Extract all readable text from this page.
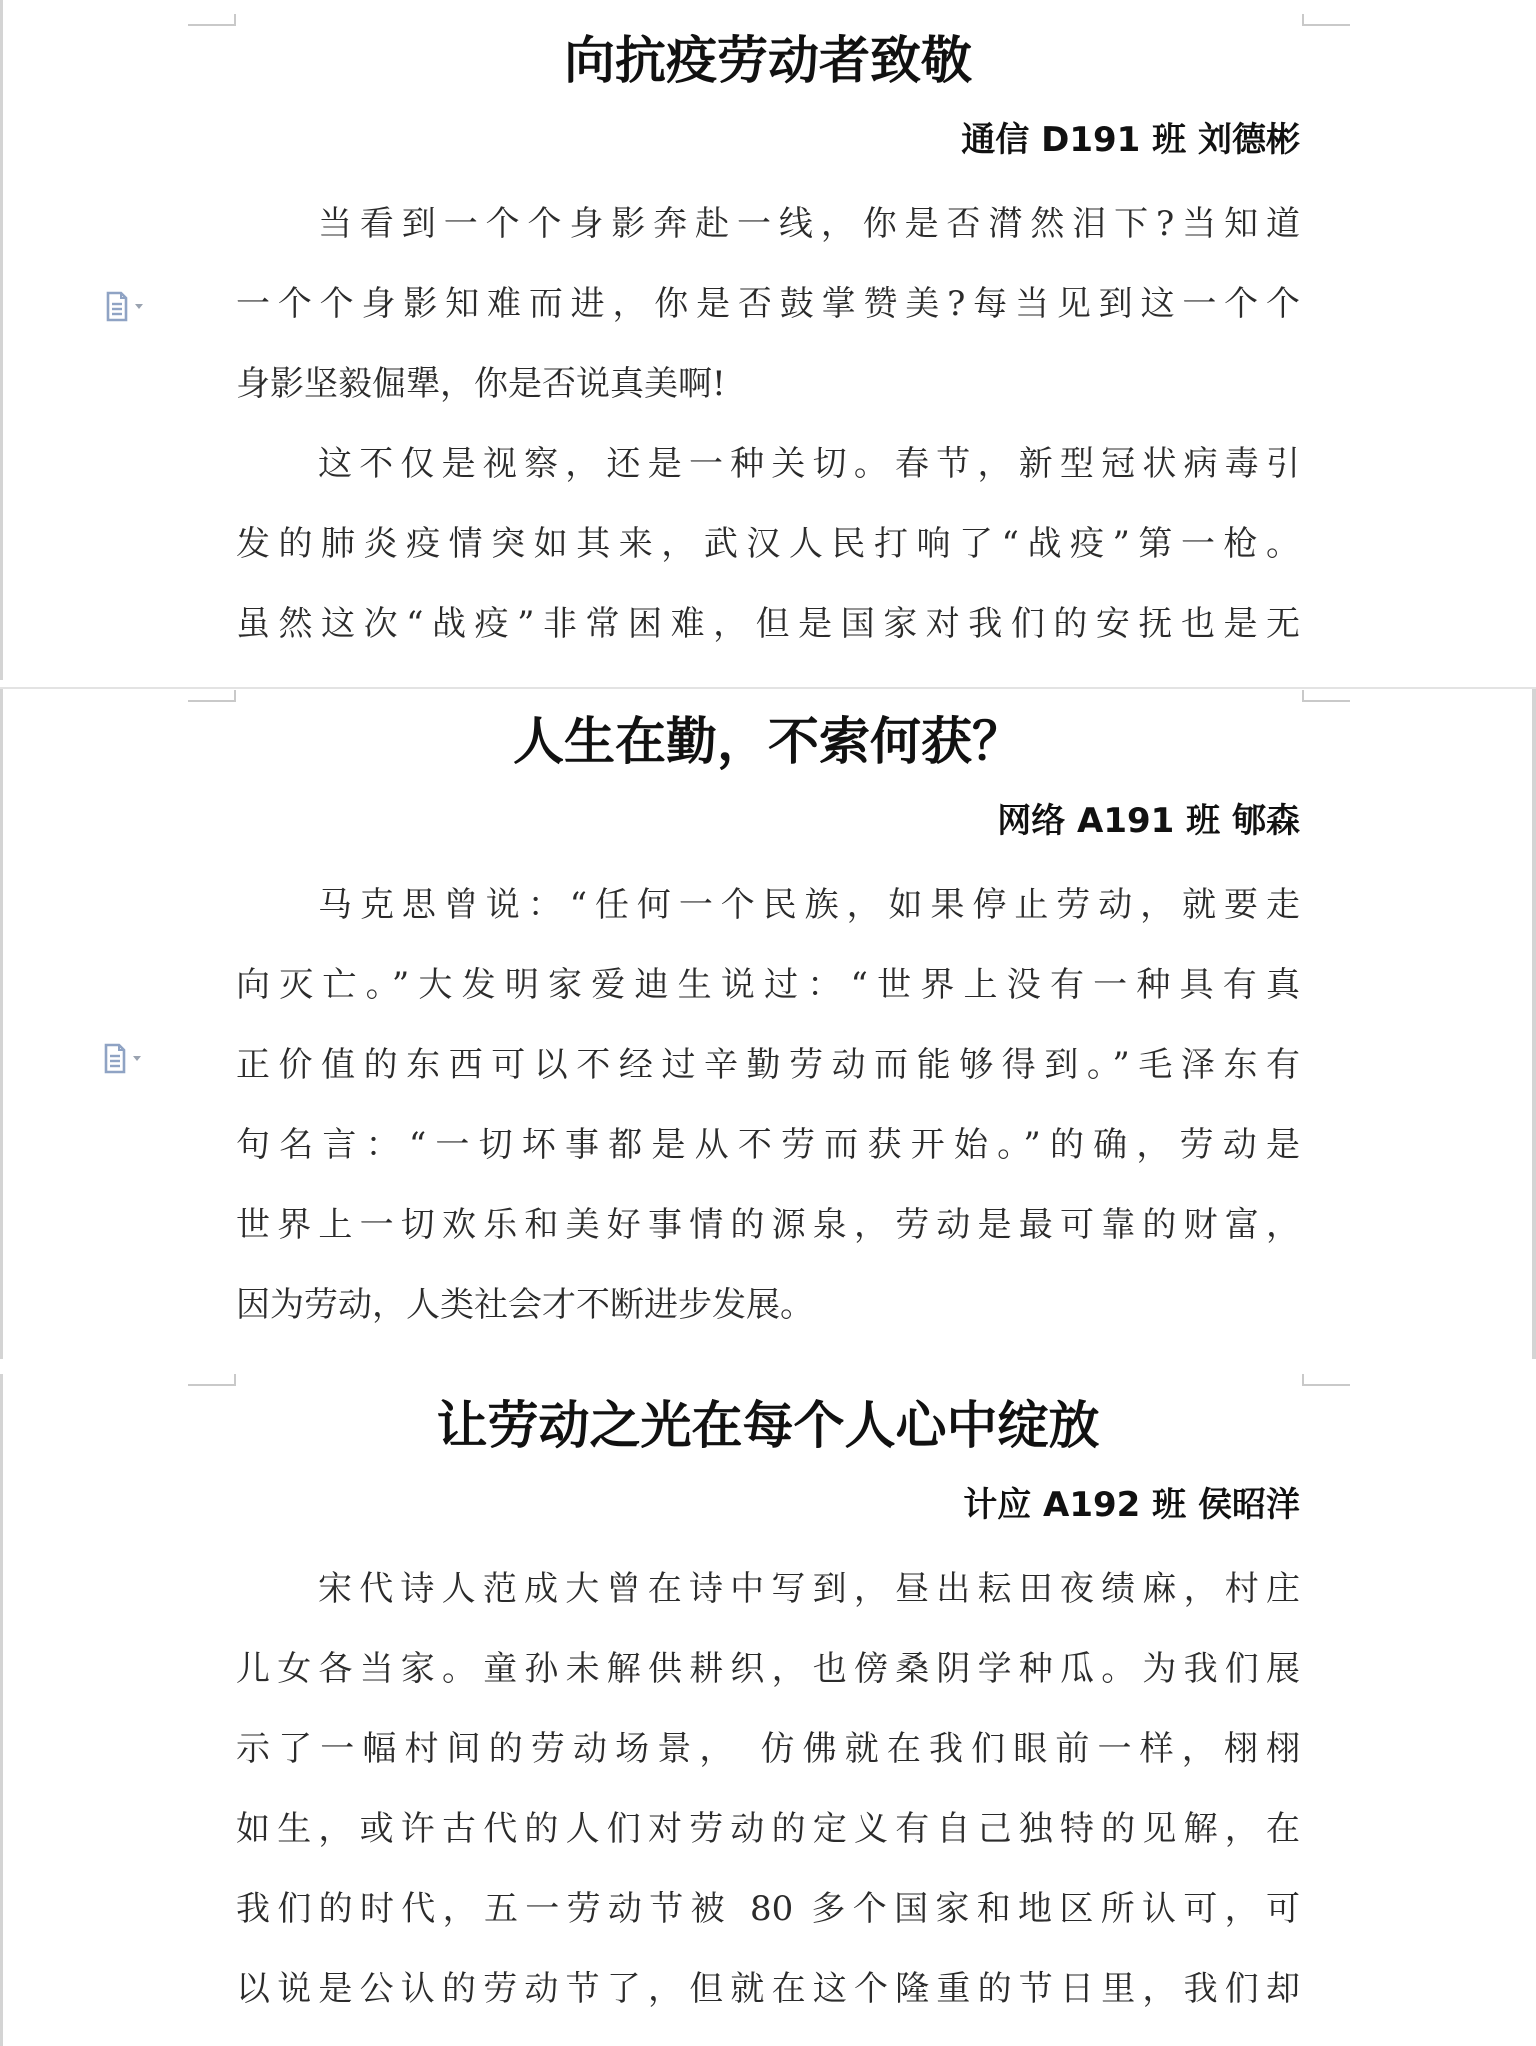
向抗疫劳动者致敬
通信 D191 班 刘德彬
当看到一个个身影奔赴一线，你是否潸然泪下?当知道
一个个身影知难而进，你是否鼓掌赞美?每当见到这一个个
身影坚毅倔犟，你是否说真美啊!
这不仅是视察，还是一种关切。春节，新型冠状病毒引
发的肺炎疫情突如其来，武汉人民打响了“战疫”第一枪。
虽然这次“战疫”非常困难，但是国家对我们的安抚也是无
人生在勤，不索何获？
网络 A191 班 郇森
马克思曾说：“任何一个民族，如果停止劳动，就要走
向灭亡。”大发明家爱迪生说过：“世界上没有一种具有真
正价值的东西可以不经过辛勤劳动而能够得到。”毛泽东有
句名言：“一切坏事都是从不劳而获开始。”的确，劳动是
世界上一切欢乐和美好事情的源泉，劳动是最可靠的财富，
因为劳动，人类社会才不断进步发展。
让劳动之光在每个人心中绽放
计应 A192 班 侯昭洋
宋代诗人范成大曾在诗中写到，昼出耘田夜绩麻，村庄
儿女各当家。童孙未解供耕织，也傍桑阴学种瓜。为我们展
示了一幅村间的劳动场景， 仿佛就在我们眼前一样，栩栩
如生，或许古代的人们对劳动的定义有自己独特的见解，在
我们的时代，五一劳动节被 80 多个国家和地区所认可，可
以说是公认的劳动节了，但就在这个隆重的节日里，我们却
